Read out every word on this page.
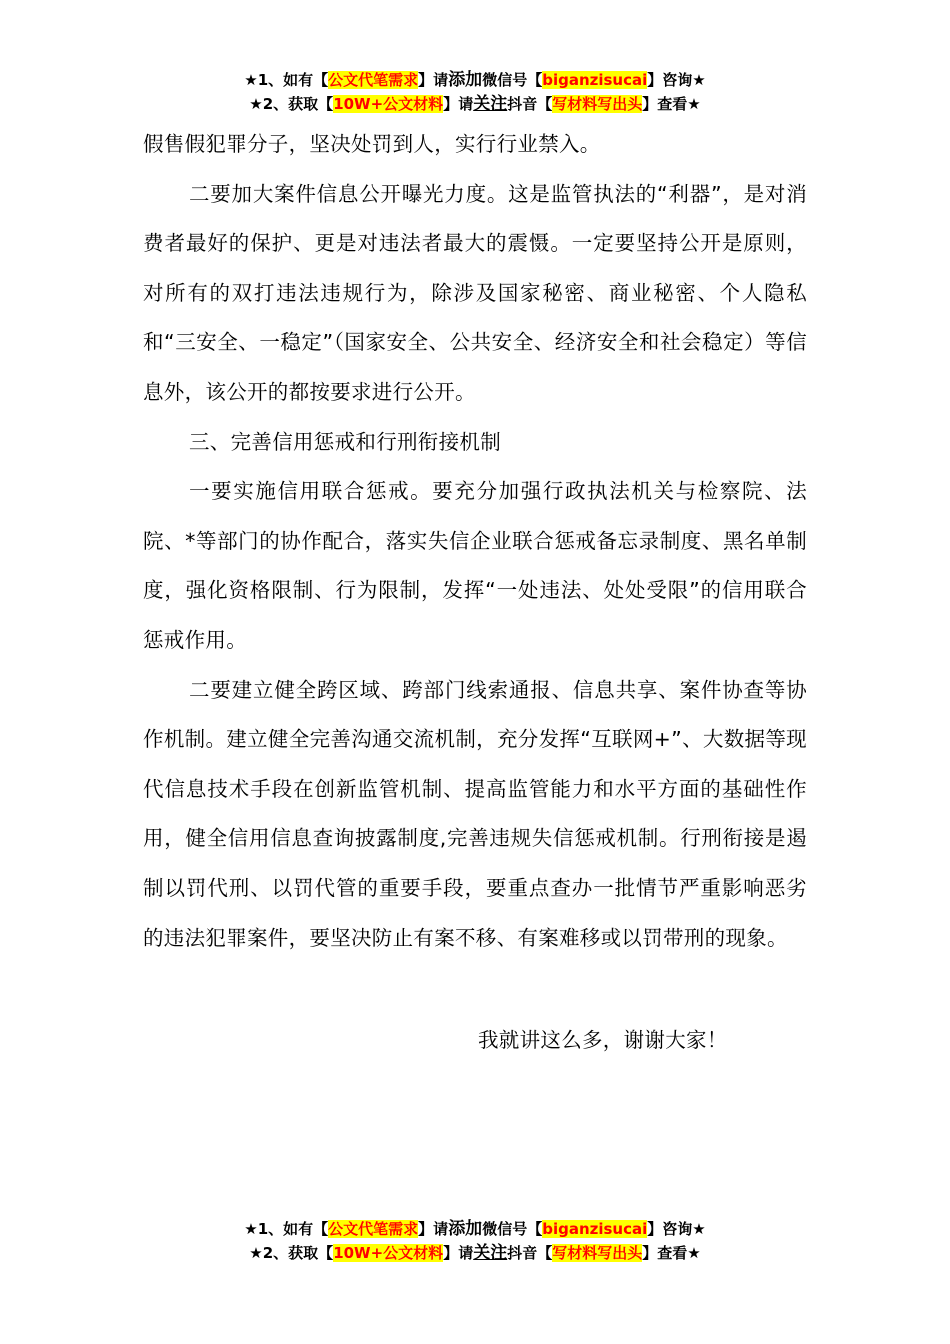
★1、如有【公文代笔需求】请添加微信号【biganzisucai】咨询★
★2、获取【10W+公文材料】请关注抖音【写材料写出头】查看★

假售假犯罪分子，坚决处罚到人，实行行业禁入。

二要加大案件信息公开曝光力度。这是监管执法的“利器”，是对消费者最好的保护、更是对违法者最大的震慑。一定要坚持公开是原则，对所有的双打违法违规行为，除涉及国家秘密、商业秘密、个人隐私和“三安全、一稳定”（国家安全、公共安全、经济安全和社会稳定）等信息外，该公开的都按要求进行公开。

三、完善信用惩戒和行刑衔接机制

一要实施信用联合惩戒。要充分加强行政执法机关与检察院、法院、*等部门的协作配合，落实失信企业联合惩戒备忘录制度、黑名单制度，强化资格限制、行为限制，发挥“一处违法、处处受限”的信用联合惩戒作用。

二要建立健全跨区域、跨部门线索通报、信息共享、案件协查等协作机制。建立健全完善沟通交流机制，充分发挥“互联网+”、大数据等现代信息技术手段在创新监管机制、提高监管能力和水平方面的基础性作用，健全信用信息查询披露制度,完善违规失信惩戒机制。行刑衔接是遏制以罚代刑、以罚代管的重要手段，要重点查办一批情节严重影响恶劣的违法犯罪案件，要坚决防止有案不移、有案难移或以罚带刑的现象。

我就讲这么多，谢谢大家！
★1、如有【公文代笔需求】请添加微信号【biganzisucai】咨询★
★2、获取【10W+公文材料】请关注抖音【写材料写出头】查看★
